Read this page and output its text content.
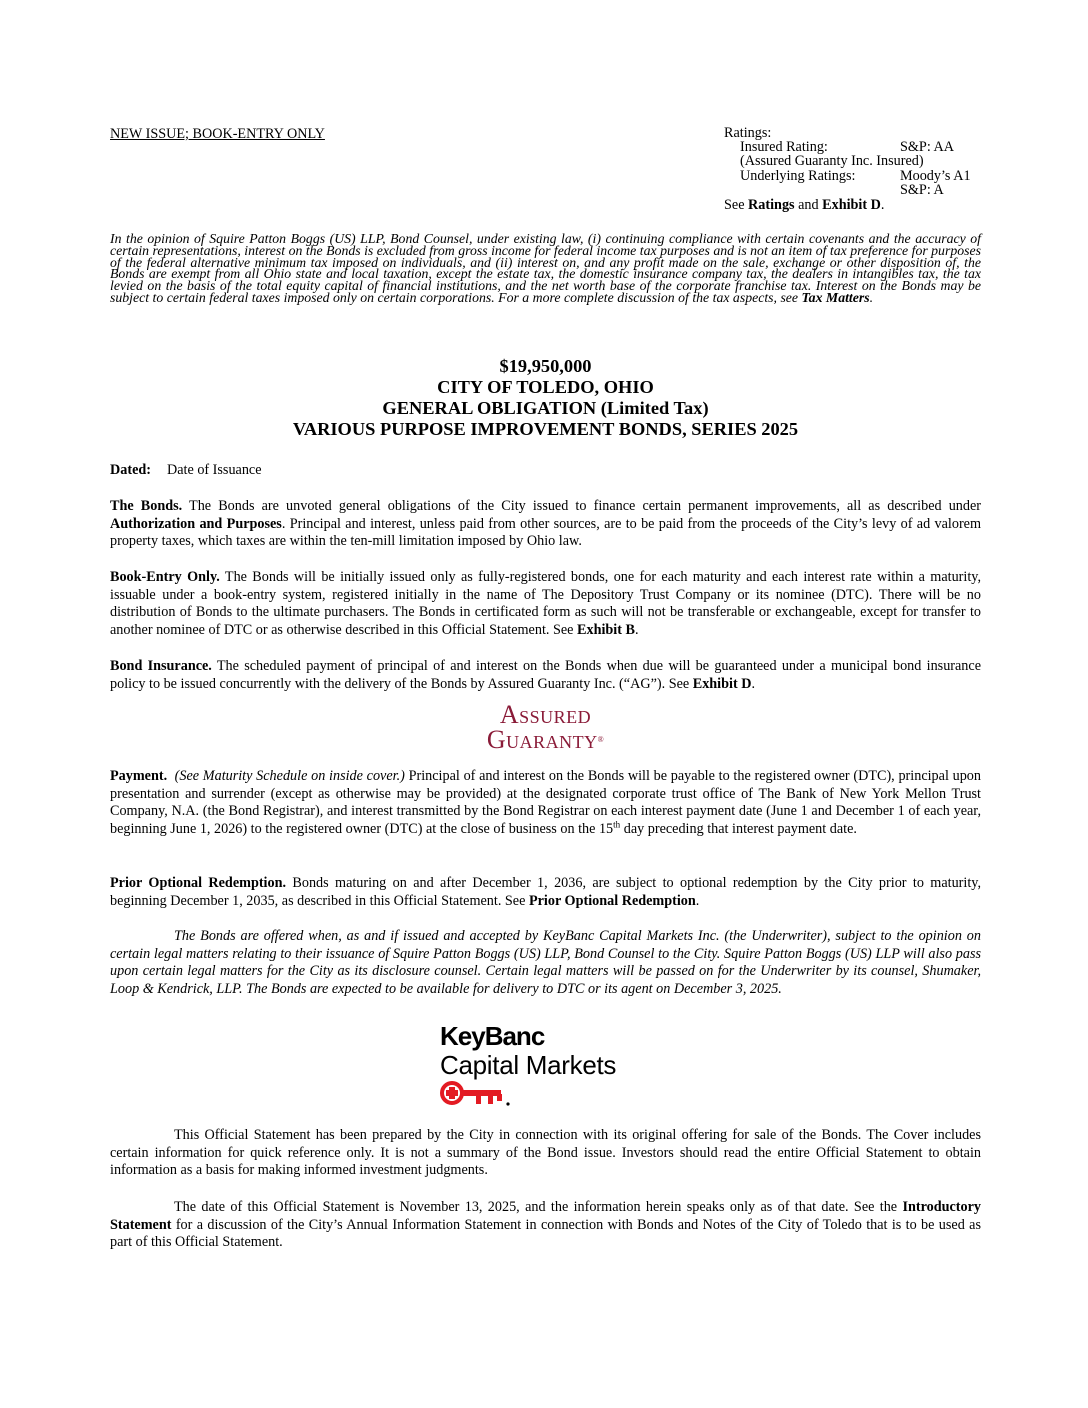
NEW ISSUE; BOOK-ENTRY ONLY	Ratings:
Insured Rating:	S&P: AA
(Assured Guaranty Inc. Insured)
Underlying Ratings:	Moody’s A1
S&P: A
See Ratings and Exhibit D.
In the opinion of Squire Patton Boggs (US) LLP, Bond Counsel, under existing law, (i) continuing compliance with certain covenants and the accuracy of certain representations, interest on the Bonds is excluded from gross income for federal income tax purposes and is not an item of tax preference for purposes of the federal alternative minimum tax imposed on individuals, and (ii) interest on, and any profit made on the sale, exchange or other disposition of, the Bonds are exempt from all Ohio state and local taxation, except the estate tax, the domestic insurance company tax, the dealers in intangibles tax, the tax levied on the basis of the total equity capital of financial institutions, and the net worth base of the corporate franchise tax. Interest on the Bonds may be subject to certain federal taxes imposed only on certain corporations. For a more complete discussion of the tax aspects, see Tax Matters.
$19,950,000
CITY OF TOLEDO, OHIO
GENERAL OBLIGATION (Limited Tax)
VARIOUS PURPOSE IMPROVEMENT BONDS, SERIES 2025
Dated: Date of Issuance
The Bonds. The Bonds are unvoted general obligations of the City issued to finance certain permanent improvements, all as described under Authorization and Purposes. Principal and interest, unless paid from other sources, are to be paid from the proceeds of the City’s levy of ad valorem property taxes, which taxes are within the ten-mill limitation imposed by Ohio law.
Book-Entry Only. The Bonds will be initially issued only as fully-registered bonds, one for each maturity and each interest rate within a maturity, issuable under a book-entry system, registered initially in the name of The Depository Trust Company or its nominee (DTC). There will be no distribution of Bonds to the ultimate purchasers. The Bonds in certificated form as such will not be transferable or exchangeable, except for transfer to another nominee of DTC or as otherwise described in this Official Statement. See Exhibit B.
Bond Insurance. The scheduled payment of principal of and interest on the Bonds when due will be guaranteed under a municipal bond insurance policy to be issued concurrently with the delivery of the Bonds by Assured Guaranty Inc. (“AG”). See Exhibit D.
Assured
Guaranty®
Payment. (See Maturity Schedule on inside cover.) Principal of and interest on the Bonds will be payable to the registered owner (DTC), principal upon presentation and surrender (except as otherwise may be provided) at the designated corporate trust office of The Bank of New York Mellon Trust Company, N.A. (the Bond Registrar), and interest transmitted by the Bond Registrar on each interest payment date (June 1 and December 1 of each year, beginning June 1, 2026) to the registered owner (DTC) at the close of business on the 15th day preceding that interest payment date.
Prior Optional Redemption. Bonds maturing on and after December 1, 2036, are subject to optional redemption by the City prior to maturity, beginning December 1, 2035, as described in this Official Statement. See Prior Optional Redemption.
The Bonds are offered when, as and if issued and accepted by KeyBanc Capital Markets Inc. (the Underwriter), subject to the opinion on certain legal matters relating to their issuance of Squire Patton Boggs (US) LLP, Bond Counsel to the City. Squire Patton Boggs (US) LLP will also pass upon certain legal matters for the City as its disclosure counsel. Certain legal matters will be passed on for the Underwriter by its counsel, Shumaker, Loop & Kendrick, LLP. The Bonds are expected to be available for delivery to DTC or its agent on December 3, 2025.
KeyBanc
Capital Markets
This Official Statement has been prepared by the City in connection with its original offering for sale of the Bonds. The Cover includes certain information for quick reference only. It is not a summary of the Bond issue. Investors should read the entire Official Statement to obtain information as a basis for making informed investment judgments.
The date of this Official Statement is November 13, 2025, and the information herein speaks only as of that date. See the Introductory Statement for a discussion of the City’s Annual Information Statement in connection with Bonds and Notes of the City of Toledo that is to be used as part of this Official Statement.
